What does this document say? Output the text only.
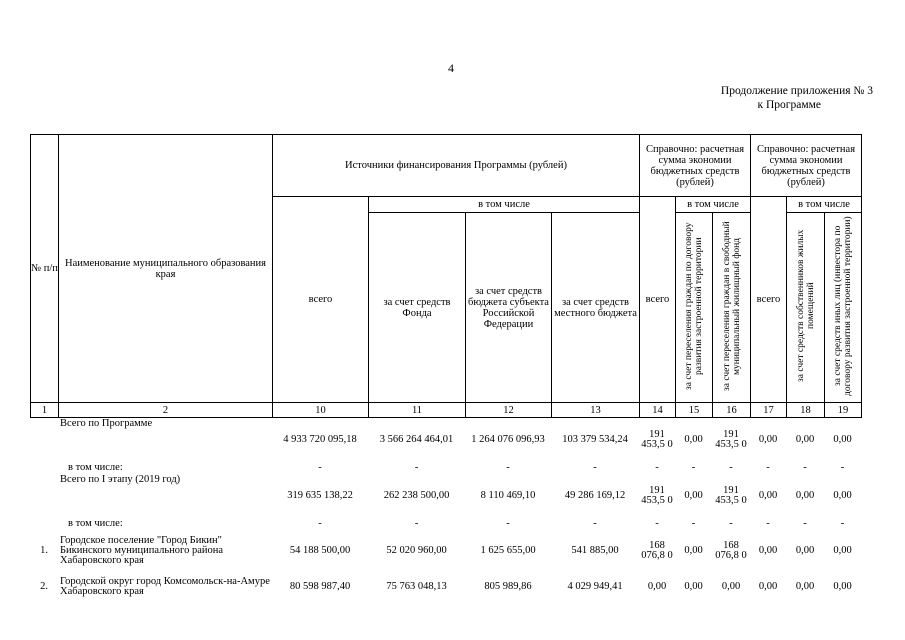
4
Продолжение приложения № 3
к Программе
№ п/п	Наименование муниципального образования края	Источники финансирования Программы (рублей)				Справочно: расчетная сумма экономии бюджетных средств (рублей)			Справочно: расчетная сумма экономии бюджетных средств (рублей)		
		всего	в том числе			всего	в том числе		всего	в том числе	
			за счет средств Фонда	за счет средств бюджета субъекта Российской Федерации	за счет средств местного бюджета		за счет переселения граждан по договору развития застроенной территории	за счет переселения граждан в свободный муниципальный жилищный фонд		за счет средств собственников жилых помещений	за счет средств иных лиц (инвестора по договору развития застроенной территории)
1	2	10	11	12	13	14	15	16	17	18	19
	Всего по Программе	4 933 720 095,18	3 566 264 464,01	1 264 076 096,93	103 379 534,24	191 453,5 0	0,00	191 453,5 0	0,00	0,00	0,00
	в том числе:	-	-	-	-	-	-	-	-	-	-
	Всего по I этапу (2019 год)	319 635 138,22	262 238 500,00	8 110 469,10	49 286 169,12	191 453,5 0	0,00	191 453,5 0	0,00	0,00	0,00
	в том числе:	-	-	-	-	-	-	-	-	-	-
1.	Городское поселение "Город Бикин" Бикинского муниципального района Хабаровского края	54 188 500,00	52 020 960,00	1 625 655,00	541 885,00	168 076,8 0	0,00	168 076,8 0	0,00	0,00	0,00
2.	Городской округ город Комсомольск-на-Амуре Хабаровского края	80 598 987,40	75 763 048,13	805 989,86	4 029 949,41	0,00	0,00	0,00	0,00	0,00	0,00
